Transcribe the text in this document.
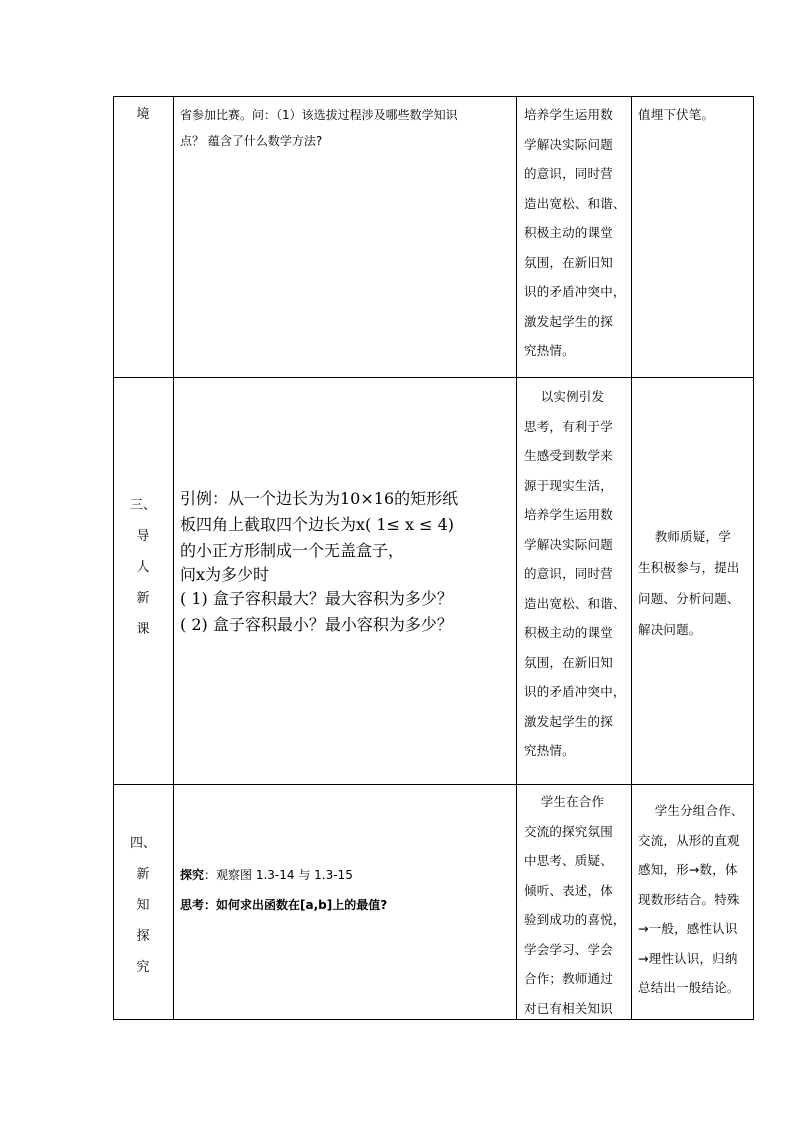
境	省参加比赛。问：（1）该选拔过程涉及哪些数学知识
点？ 蕴含了什么数学方法?
培养学生运用数
学解决实际问题
的意识，同时营
造出宽松、和谐、
积极主动的课堂
氛围，在新旧知
识的矛盾冲突中，
激发起学生的探
究热情。
值埋下伏笔。
三、
导
人
新
课
引例：从一个边长为为10×16的矩形纸
板四角上截取四个边长为x( 1≤ x ≤ 4)
的小正方形制成一个无盖盒子，
问x为多少时
( 1) 盒子容积最大？最大容积为多少？
( 2) 盒子容积最小？最小容积为多少？
以实例引发
思考，有利于学
生感受到数学来
源于现实生活，
培养学生运用数
学解决实际问题
的意识，同时营
造出宽松、和谐、
积极主动的课堂
氛围，在新旧知
识的矛盾冲突中，
激发起学生的探
究热情。
教师质疑，学
生积极参与，提出
问题、分析问题、
解决问题。
四、
新
知
探
究
探究：观察图 1.3-14 与 1.3-15
思考：如何求出函数在[a,b]上的最值?
学生在合作
交流的探究氛围
中思考、质疑、
倾听、表述，体
验到成功的喜悦，
学会学习、学会
合作；教师通过
对已有相关知识
学生分组合作、
交流，从形的直观
感知，形→数，体
现数形结合。特殊
→一般，感性认识
→理性认识，归纳
总结出一般结论。
